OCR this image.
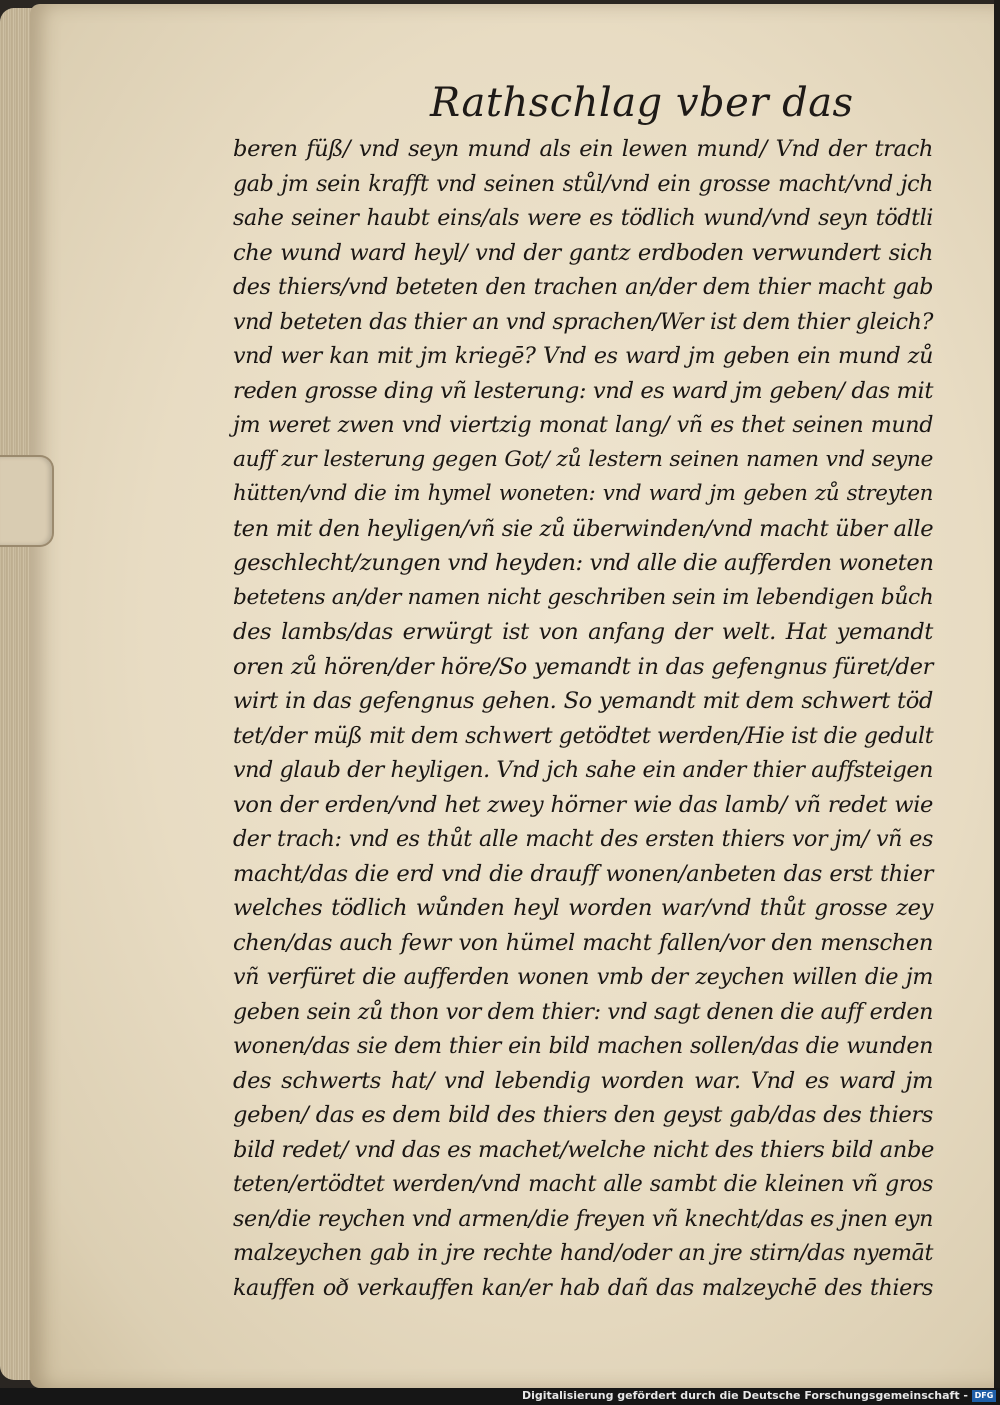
Rathschlag vber das
beren füß/ vnd seyn mund als ein lewen mund/ Vnd der trach
gab jm sein krafft vnd seinen stůl/vnd ein grosse macht/vnd jch
sahe seiner haubt eins/als were es tödlich wund/vnd seyn tödtli
che wund ward heyl/ vnd der gantz erdboden verwundert sich
des thiers/vnd beteten den trachen an/der dem thier macht gab
vnd beteten das thier an vnd sprachen/Wer ist dem thier gleich?
vnd wer kan mit jm kriegē? Vnd es ward jm geben ein mund zů
reden grosse ding vñ lesterung: vnd es ward jm geben/ das mit
jm weret zwen vnd viertzig monat lang/ vñ es thet seinen mund
auff zur lesterung gegen Got/ zů lestern seinen namen vnd seyne
hütten/vnd die im hymel woneten: vnd ward jm geben zů streyten
ten mit den heyligen/vñ sie zů überwinden/vnd macht über alle
geschlecht/zungen vnd heyden: vnd alle die aufferden woneten
betetens an/der namen nicht geschriben sein im lebendigen bůch
des lambs/das erwürgt ist von anfang der welt. Hat yemandt
oren zů hören/der höre/So yemandt in das gefengnus füret/der
wirt in das gefengnus gehen. So yemandt mit dem schwert töd
tet/der müß mit dem schwert getödtet werden/Hie ist die gedult
vnd glaub der heyligen. Vnd jch sahe ein ander thier auffsteigen
von der erden/vnd het zwey hörner wie das lamb/ vñ redet wie
der trach: vnd es thůt alle macht des ersten thiers vor jm/ vñ es
macht/das die erd vnd die drauff wonen/anbeten das erst thier
welches tödlich wůnden heyl worden war/vnd thůt grosse zey
chen/das auch fewr von hümel macht fallen/vor den menschen
vñ verfüret die aufferden wonen vmb der zeychen willen die jm
geben sein zů thon vor dem thier: vnd sagt denen die auff erden
wonen/das sie dem thier ein bild machen sollen/das die wunden
des schwerts hat/ vnd lebendig worden war. Vnd es ward jm
geben/ das es dem bild des thiers den geyst gab/das des thiers
bild redet/ vnd das es machet/welche nicht des thiers bild anbe
teten/ertödtet werden/vnd macht alle sambt die kleinen vñ gros
sen/die reychen vnd armen/die freyen vñ knecht/das es jnen eyn
malzeychen gab in jre rechte hand/oder an jre stirn/das nyemāt
kauffen oð verkauffen kan/er hab dañ das malzeychē des thiers
Digitalisierung gefördert durch die Deutsche Forschungsgemeinschaft - DFG
